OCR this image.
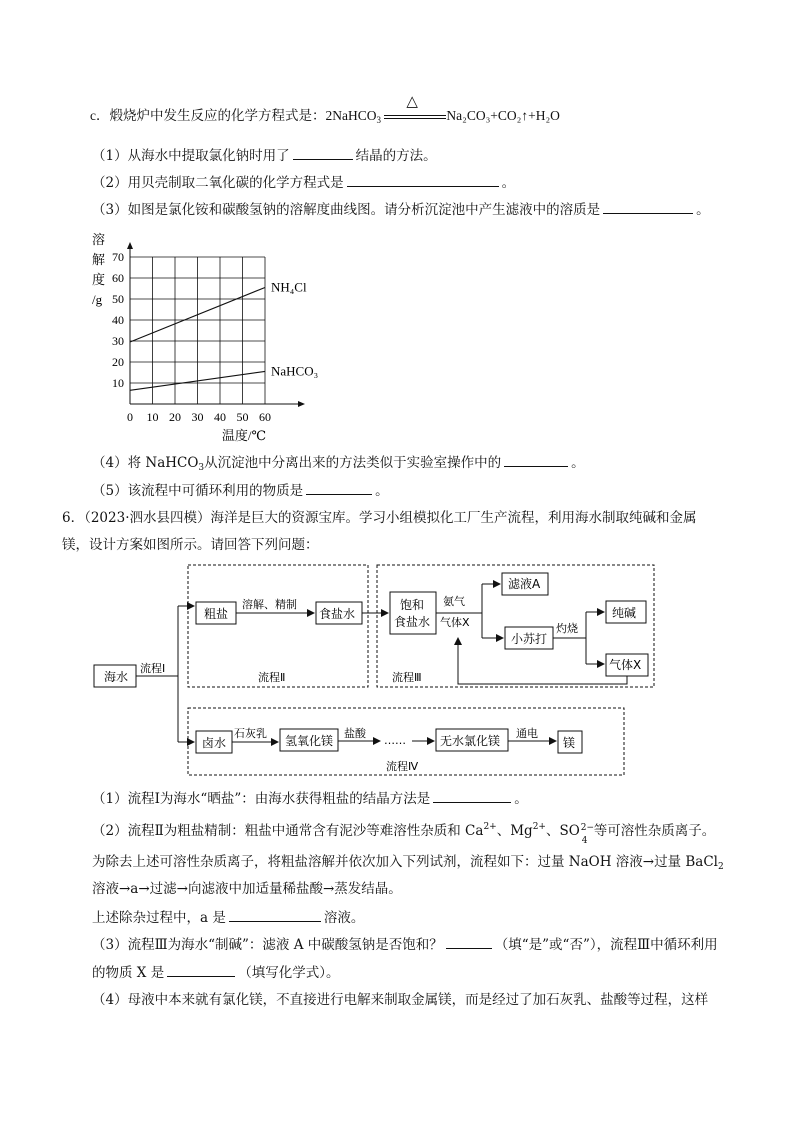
c．煅烧炉中发生反应的化学方程式是：2NaHCO$_3$
△
Na₂CO₃+CO₂↑+H₂O
（1）从海水中提取氯化钠时用了	结晶的方法。
（2）用贝壳制取二氧化碳的化学方程式是	。
（3）如图是氯化铵和碳酸氢钠的溶解度曲线图。请分析沉淀池中产生滤液中的溶质是	。
10
20
30
40
50
60
70
0 10 20 30 40 50 60
溶
解
度
/g
温度/℃
NH₄Cl
NaHCO₃
（4）将 NaHCO$_3$从沉淀池中分离出来的方法类似于实验室操作中的	。
（5）该流程中可循环利用的物质是	。
6．（2023·泗水县四模）海洋是巨大的资源宝库。学习小组模拟化工厂生产流程，利用海水制取纯碱和金属
镁，设计方案如图所示。请回答下列问题：
海水
流程Ⅰ
粗盐
溶解、精制
食盐水
流程Ⅱ
饱和
食盐水
氨气
气体X
滤液A
小苏打
灼烧
纯碱
气体X
流程Ⅲ
卤水
石灰乳
氢氧化镁
盐酸
……	无水氯化镁
通电
镁
流程Ⅳ
（1）流程Ⅰ为海水“晒盐”：由海水获得粗盐的结晶方法是	。
（2）流程Ⅱ为粗盐精制：粗盐中通常含有泥沙等难溶性杂质和 $Ca^{2+}$、$Mg^{2+}$、SO 2−
4
等可溶性杂质离子。
为除去上述可溶性杂质离子，将粗盐溶解并依次加入下列试剂，流程如下：过量 NaOH 溶液→过量 BaCl$_2$
溶液→a→过滤→向滤液中加适量稀盐酸→蒸发结晶。
上述除杂过程中，a 是	溶液。
（3）流程Ⅲ为海水“制碱”：滤液 A 中碳酸氢钠是否饱和？	（填“是”或“否”），流程Ⅲ中循环利用
的物质 X 是	（填写化学式）。
（4）母液中本来就有氯化镁，不直接进行电解来制取金属镁，而是经过了加石灰乳、盐酸等过程，这样
